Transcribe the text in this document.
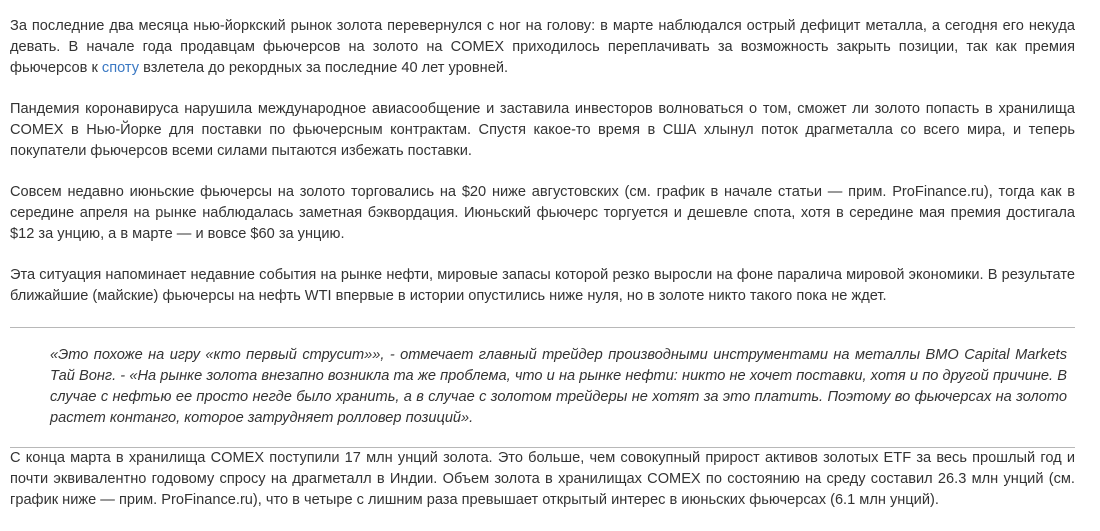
За последние два месяца нью-йоркский рынок золота перевернулся с ног на голову: в марте наблюдался острый дефицит металла, а сегодня его некуда девать. В начале года продавцам фьючерсов на золото на COMEX приходилось переплачивать за возможность закрыть позиции, так как премия фьючерсов к споту взлетела до рекордных за последние 40 лет уровней.

Пандемия коронавируса нарушила международное авиасообщение и заставила инвесторов волноваться о том, сможет ли золото попасть в хранилища COMEX в Нью-Йорке для поставки по фьючерсным контрактам. Спустя какое-то время в США хлынул поток драгметалла со всего мира, и теперь покупатели фьючерсов всеми силами пытаются избежать поставки.

Совсем недавно июньские фьючерсы на золото торговались на $20 ниже августовских (см. график в начале статьи — прим. ProFinance.ru), тогда как в середине апреля на рынке наблюдалась заметная бэквордация. Июньский фьючерс торгуется и дешевле спота, хотя в середине мая премия достигала $12 за унцию, а в марте — и вовсе $60 за унцию.

Эта ситуация напоминает недавние события на рынке нефти, мировые запасы которой резко выросли на фоне паралича мировой экономики. В результате ближайшие (майские) фьючерсы на нефть WTI впервые в истории опустились ниже нуля, но в золоте никто такого пока не ждет.

«Это похоже на игру «кто первый струсит»», - отмечает главный трейдер производными инструментами на металлы BMO Capital Markets Тай Вонг. - «На рынке золота внезапно возникла та же проблема, что и на рынке нефти: никто не хочет поставки, хотя и по другой причине. В случае с нефтью ее просто негде было хранить, а в случае с золотом трейдеры не хотят за это платить. Поэтому во фьючерсах на золото растет контанго, которое затрудняет ролловер позиций».

С конца марта в хранилища COMEX поступили 17 млн унций золота. Это больше, чем совокупный прирост активов золотых ETF за весь прошлый год и почти эквивалентно годовому спросу на драгметалл в Индии. Объем золота в хранилищах COMEX по состоянию на среду составил 26.3 млн унций (см. график ниже — прим. ProFinance.ru), что в четыре с лишним раза превышает открытый интерес в июньских фьючерсах (6.1 млн унций).
